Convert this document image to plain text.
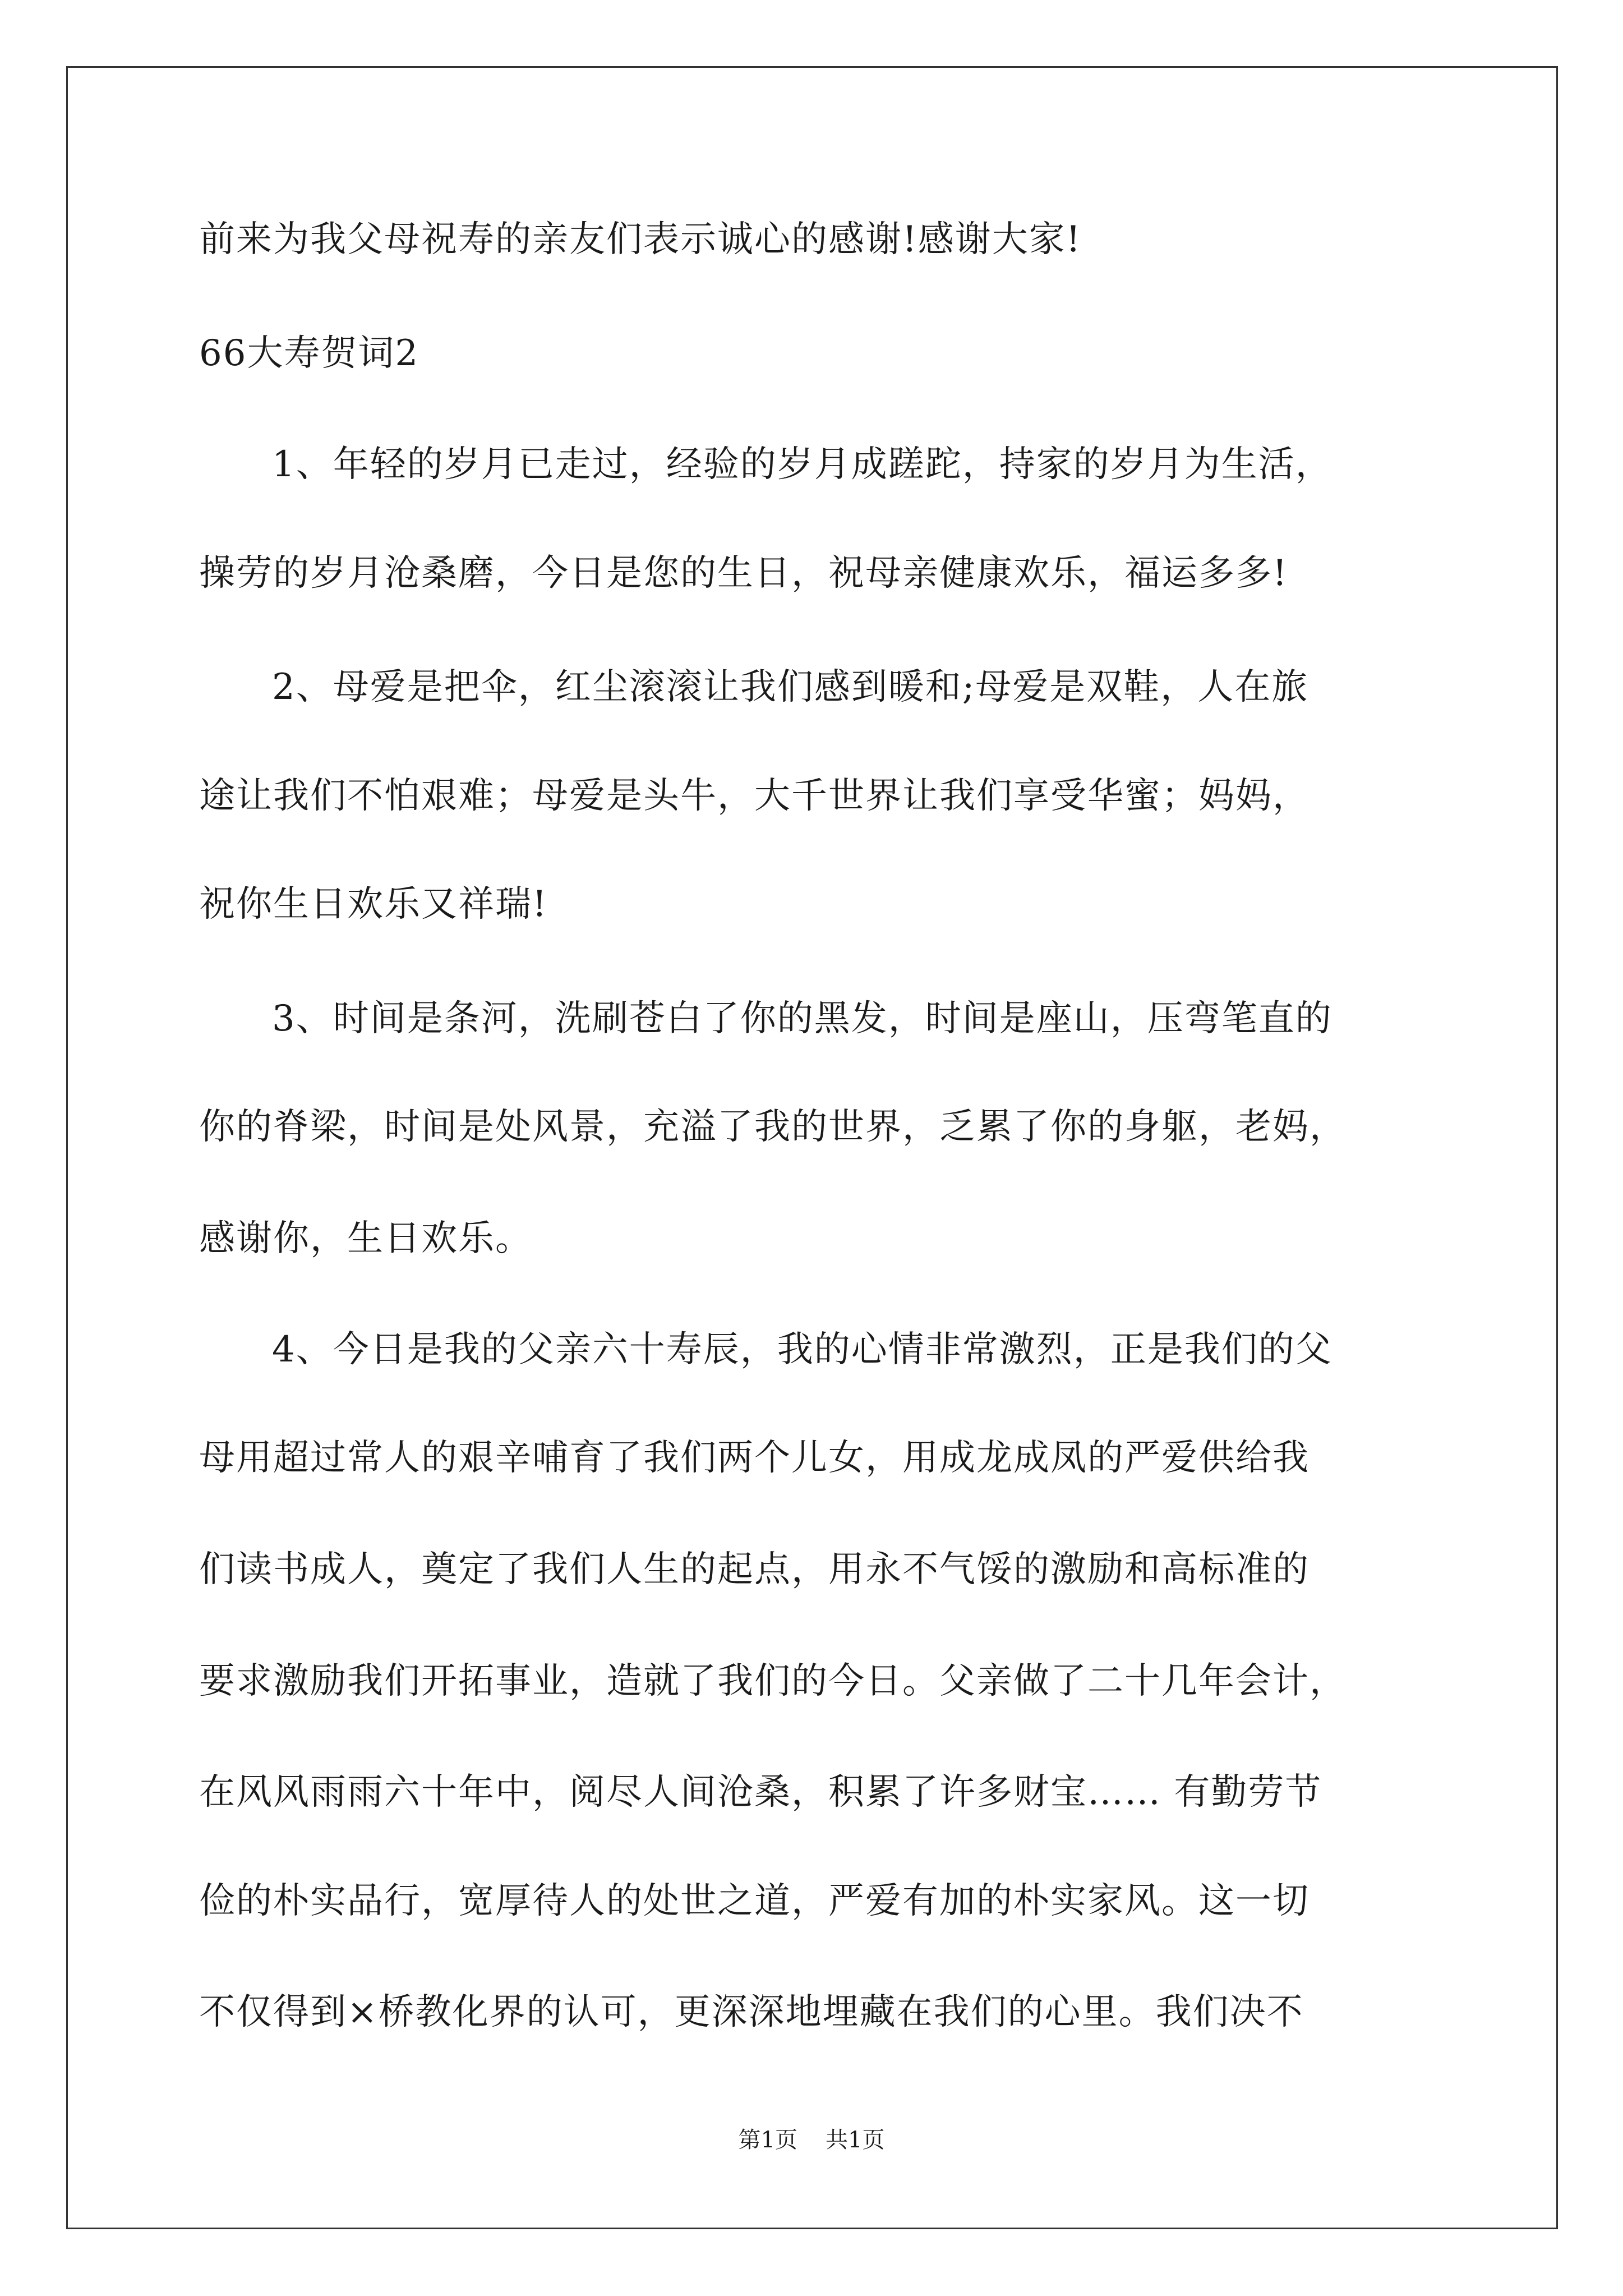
前来为我父母祝寿的亲友们表示诚心的感谢!感谢大家!

66大寿贺词2

1、年轻的岁月已走过，经验的岁月成蹉跎，持家的岁月为生活，

操劳的岁月沧桑磨，今日是您的生日，祝母亲健康欢乐，福运多多!

2、母爱是把伞，红尘滚滚让我们感到暖和;母爱是双鞋，人在旅

途让我们不怕艰难；母爱是头牛，大千世界让我们享受华蜜；妈妈，

祝你生日欢乐又祥瑞!

3、时间是条河，洗刷苍白了你的黑发，时间是座山，压弯笔直的

你的脊梁，时间是处风景，充溢了我的世界，乏累了你的身躯，老妈，

感谢你，生日欢乐。

4、今日是我的父亲六十寿辰，我的心情非常激烈，正是我们的父

母用超过常人的艰辛哺育了我们两个儿女，用成龙成凤的严爱供给我

们读书成人，奠定了我们人生的起点，用永不气馁的激励和高标准的

要求激励我们开拓事业，造就了我们的今日。父亲做了二十几年会计，

在风风雨雨六十年中，阅尽人间沧桑，积累了许多财宝…… 有勤劳节

俭的朴实品行，宽厚待人的处世之道，严爱有加的朴实家风。这一切

不仅得到×桥教化界的认可，更深深地埋藏在我们的心里。我们决不

第1页 共1页
